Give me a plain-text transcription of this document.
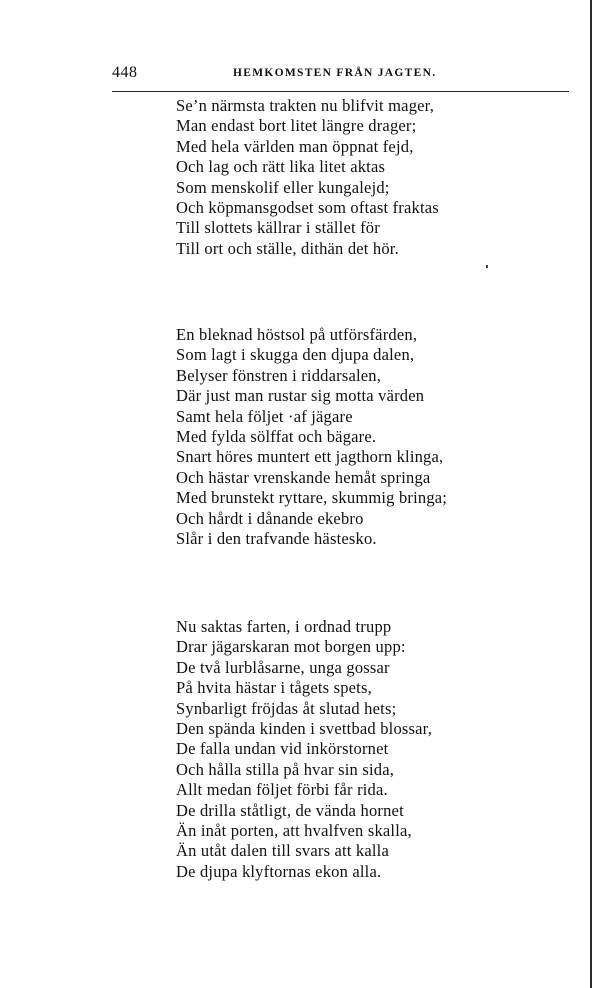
448	HEMKOMSTEN FRÅN JAGTEN.
Se’n närmsta trakten nu blifvit mager,
Man endast bort litet längre drager;
Med hela världen man öppnat fejd,
Och lag och rätt lika litet aktas
Som menskolif eller kungalejd;
Och köpmansgodset som oftast fraktas
Till slottets källrar i stället för
Till ort och ställe, dithän det hör.
En bleknad höstsol på utförsfärden,
Som lagt i skugga den djupa dalen,
Belyser fönstren i riddarsalen,
Där just man rustar sig motta värden
Samt hela följet ·af jägare
Med fylda sölffat och bägare.
Snart höres muntert ett jagthorn klinga,
Och hästar vrenskande hemåt springa
Med brunstekt ryttare, skummig bringa;
Och hårdt i dånande ekebro
Slår i den trafvande hästesko.
Nu saktas farten, i ordnad trupp
Drar jägarskaran mot borgen upp:
De två lurblåsarne, unga gossar
På hvita hästar i tågets spets,
Synbarligt fröjdas åt slutad hets;
Den spända kinden i svettbad blossar,
De falla undan vid inkörstornet
Och hålla stilla på hvar sin sida,
Allt medan följet förbi får rida.
De drilla ståtligt, de vända hornet
Än inåt porten, att hvalfven skalla,
Än utåt dalen till svars att kalla
De djupa klyftornas ekon alla.
